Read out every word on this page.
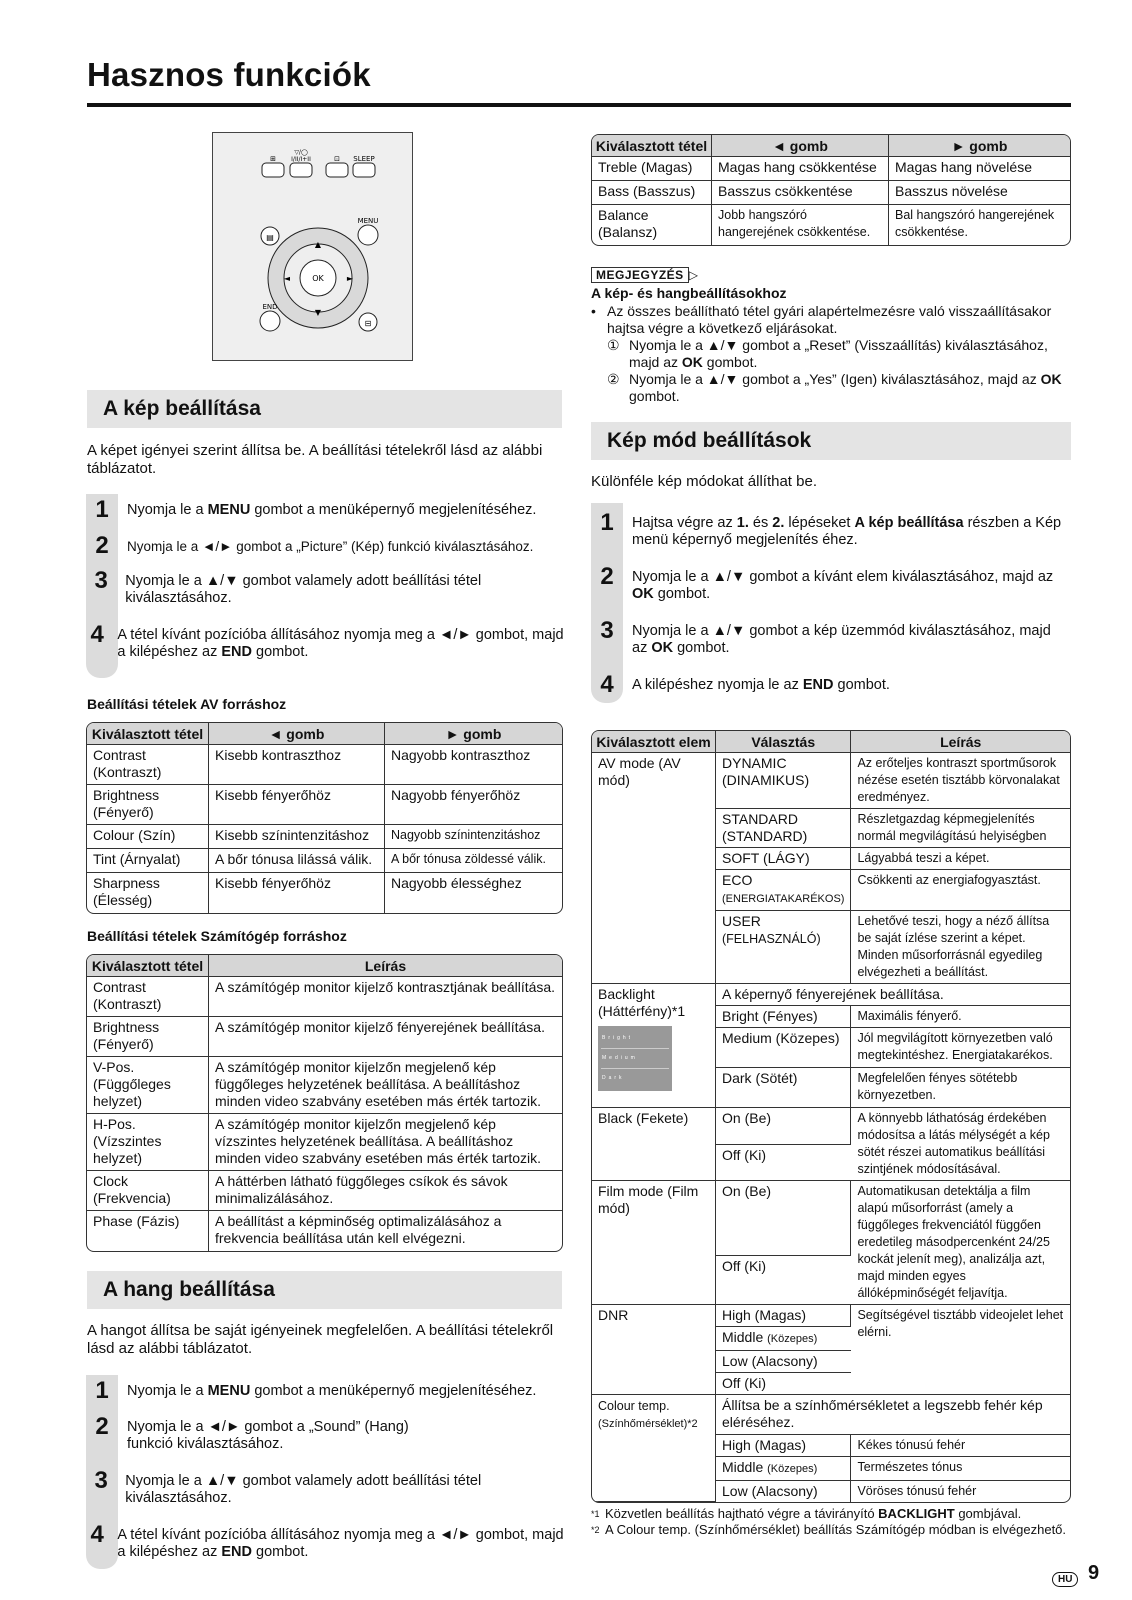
Hasznos funkciók
⊞
▽/◯
I/II/I+II	⊡ SLEEP
MENU
▤
OK
▲
▼
◄	►
END
⊟
A kép beállítása
A képet igényei szerint állítsa be. A beállítási tételekről lásd az alábbi táblázatot.
1	Nyomja le a MENU gombot a menüképernyő megjelenítéséhez.
2	Nyomja le a ◄/► gombot a „Picture” (Kép) funkció kiválasztásához.
3	Nyomja le a ▲/▼ gombot valamely adott beállítási tétel kiválasztásához.
4 A tétel kívánt pozícióba állításához nyomja meg a ◄/► gombot, majd a kilépéshez az END gombot.
Beállítási tételek AV forráshoz
Kiválasztott tétel	◄ gomb	► gomb
Contrast (Kontraszt)	Kisebb kontraszthoz	Nagyobb kontraszthoz
Brightness (Fényerő)	Kisebb fényerőhöz	Nagyobb fényerőhöz
Colour (Szín)	Kisebb színintenzitáshoz	Nagyobb színintenzitáshoz
Tint (Árnyalat)	A bőr tónusa lilássá válik.	A bőr tónusa zöldessé válik.
Sharpness (Élesség)	Kisebb fényerőhöz	Nagyobb élességhez
Beállítási tételek Számítógép forráshoz
Kiválasztott tétel	Leírás
Contrast (Kontraszt)	A számítógép monitor kijelző kontrasztjának beállítása.
Brightness (Fényerő)	A számítógép monitor kijelző fényerejének beállítása.
V-Pos. (Függőleges helyzet)	A számítógép monitor kijelzőn megjelenő kép függőleges helyzetének beállítása. A beállításhoz minden video szabvány esetében más érték tartozik.
H-Pos. (Vízszintes helyzet)	A számítógép monitor kijelzőn megjelenő kép vízszintes helyzetének beállítása. A beállításhoz minden video szabvány esetében más érték tartozik.
Clock (Frekvencia)	A háttérben látható függőleges csíkok és sávok minimalizálásához.
Phase (Fázis)	A beállítást a képminőség optimalizálásához a frekvencia beállítása után kell elvégezni.
A hang beállítása
A hangot állítsa be saját igényeinek megfelelően. A beállítási tételekről lásd az alábbi táblázatot.
1	Nyomja le a MENU gombot a menüképernyő megjelenítéséhez.
2	Nyomja le a ◄/► gombot a „Sound” (Hang) funkció kiválasztásához.
3	Nyomja le a ▲/▼ gombot valamely adott beállítási tétel kiválasztásához.
4 A tétel kívánt pozícióba állításához nyomja meg a ◄/► gombot, majd a kilépéshez az END gombot.
Kiválasztott tétel	◄ gomb	► gomb
Treble (Magas)	Magas hang csökkentése	Magas hang növelése
Bass (Basszus)	Basszus csökkentése	Basszus növelése
Balance (Balansz)	Jobb hangszóró hangerejének csökkentése.	Bal hangszóró hangerejének csökkentése.
MEGJEGYZÉS ▷
A kép- és hangbeállításokhoz
• Az összes beállítható tétel gyári alapértelmezésre való visszaállításakor hajtsa végre a következő eljárásokat.
① Nyomja le a ▲/▼ gombot a „Reset” (Visszaállítás) kiválasztásához, majd az OK gombot.
② Nyomja le a ▲/▼ gombot a „Yes” (Igen) kiválasztásához, majd az OK gombot.
Kép mód beállítások
Különféle kép módokat állíthat be.
1	Hajtsa végre az 1. és 2. lépéseket A kép beállítása részben a Kép menü képernyő megjelenítés éhez.
2	Nyomja le a ▲/▼ gombot a kívánt elem kiválasztásához, majd az OK gombot.
3	Nyomja le a ▲/▼ gombot a kép üzemmód kiválasztásához, majd az OK gombot.
4	A kilépéshez nyomja le az END gombot.
Kiválasztott elem	Választás	Leírás
AV mode (AV mód)	DYNAMIC (DINAMIKUS)	Az erőteljes kontraszt sportműsorok nézése esetén tisztább körvonalakat eredményez.
	STANDARD (STANDARD)	Részletgazdag képmegjelenítés normál megvilágítású helyiségben
	SOFT (LÁGY)	Lágyabbá teszi a képet.
	ECO
(ENERGIATAKARÉKOS)	Csökkenti az energiafogyasztást.
	USER
(FELHASZNÁLÓ)	Lehetővé teszi, hogy a néző állítsa be saját ízlése szerint a képet. Minden műsorforrásnál egyedileg elvégezheti a beállítást.
Backlight (Háttérfény)*1
Bright
Medium
Dark	A képernyő fényerejének beállítása.	
	Bright (Fényes)	Maximális fényerő.
	Medium (Közepes)	Jól megvilágított környezetben való megtekintéshez. Energiatakarékos.
	Dark (Sötét)	Megfelelően fényes sötétebb környezetben.
Black (Fekete)	On (Be)	A könnyebb láthatóság érdekében módosítsa a látás mélységét a kép sötét részei automatikus beállítási szintjének módosításával.
	Off (Ki)	
Film mode (Film mód)	On (Be)	Automatikusan detektálja a film alapú műsorforrást (amely a függőleges frekvenciától függően eredetileg másodpercenként 24/25 kockát jelenít meg), analizálja azt, majd minden egyes állóképminőségét feljavítja.
	Off (Ki)	
DNR	High (Magas)	Segítségével tisztább videojelet lehet elérni.
	Middle (Közepes)	
	Low (Alacsony)	
	Off (Ki)	
Colour temp.
(Színhőmérséklet)*2	Állítsa be a színhőmérsékletet a legszebb fehér kép eléréséhez.	
	High (Magas)	Kékes tónusú fehér
	Middle (Közepes)	Természetes tónus
	Low (Alacsony)	Vöröses tónusú fehér
*1 Közvetlen beállítás hajtható végre a távirányító BACKLIGHT gombjával.
*2 A Colour temp. (Színhőmérséklet) beállítás Számítógép módban is elvégezhető.
HU 9
